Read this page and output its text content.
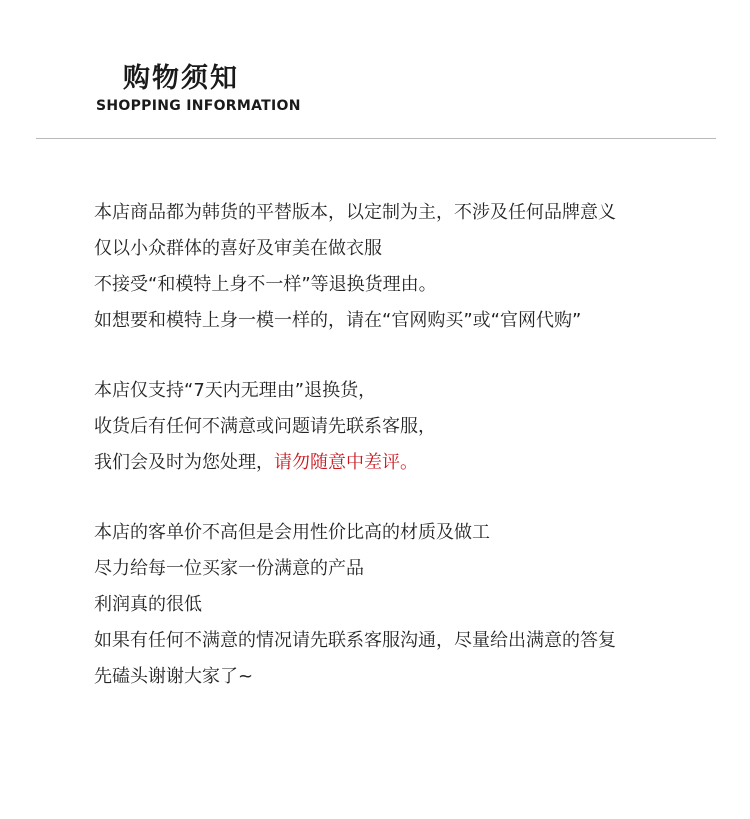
购物须知
SHOPPING INFORMATION
本店商品都为韩货的平替版本，以定制为主，不涉及任何品牌意义
仅以小众群体的喜好及审美在做衣服
不接受“和模特上身不一样”等退换货理由。
如想要和模特上身一模一样的，请在“官网购买”或“官网代购”
本店仅支持“7天内无理由”退换货，
收货后有任何不满意或问题请先联系客服，
我们会及时为您处理，请勿随意中差评。
本店的客单价不高但是会用性价比高的材质及做工
尽力给每一位买家一份满意的产品
利润真的很低
如果有任何不满意的情况请先联系客服沟通，尽量给出满意的答复
先磕头谢谢大家了~
